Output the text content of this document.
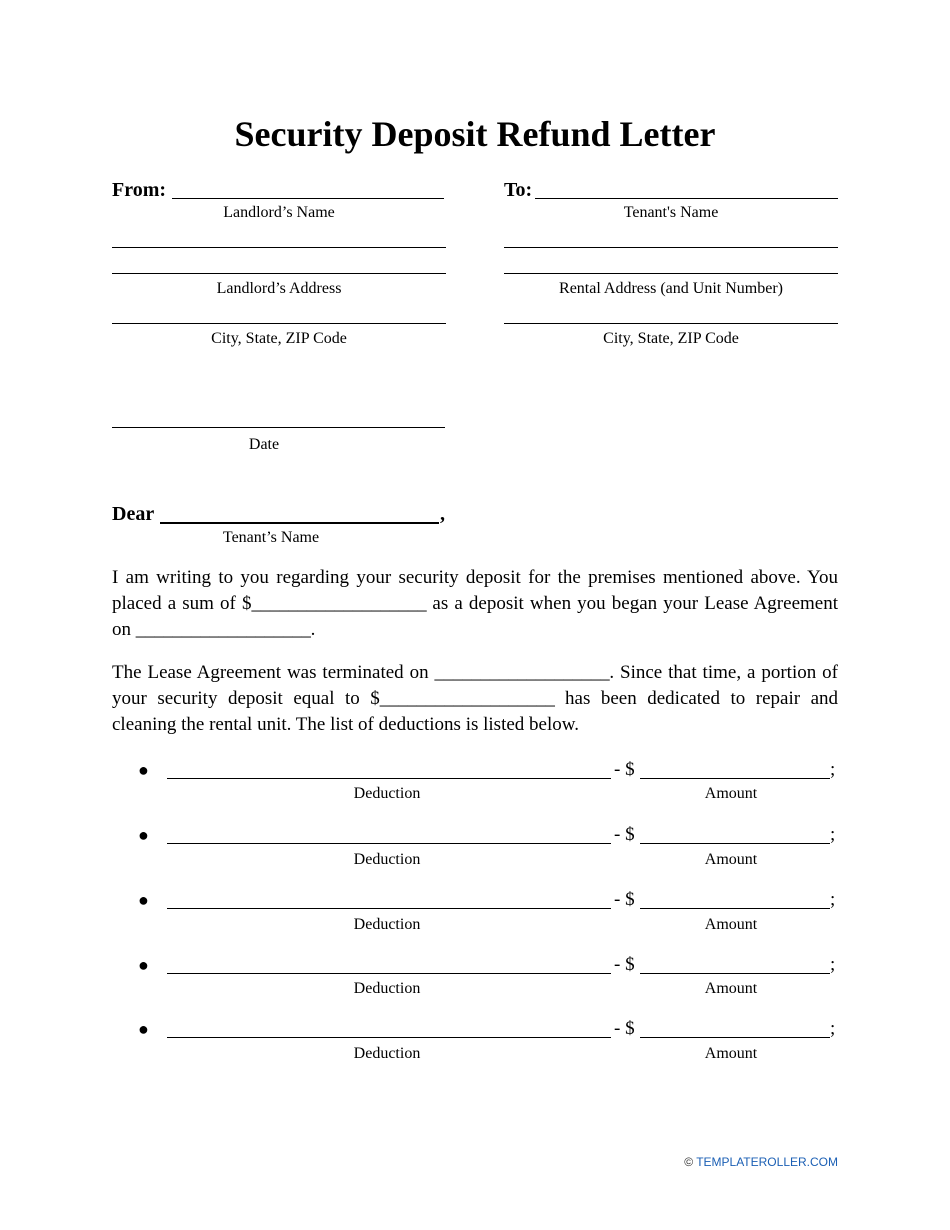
Security Deposit Refund Letter
From:
Landlord’s Name
Landlord’s Address
City, State, ZIP Code
To:
Tenant's Name
Rental Address (and Unit Number)
City, State, ZIP Code
Date
Dear	,
Tenant’s Name
I am writing to you regarding your security deposit for the premises mentioned above. You placed a sum of $___________________ as a deposit when you began your Lease Agreement on ___________________.
The Lease Agreement was terminated on ___________________. Since that time, a portion of your security deposit equal to $___________________ has been dedicated to repair and cleaning the rental unit. The list of deductions is listed below.
●	- $	;
Deduction	Amount
●	- $	;
Deduction	Amount
●	- $	;
Deduction	Amount
●	- $	;
Deduction	Amount
●	- $	;
Deduction	Amount
© TEMPLATEROLLER.COM
